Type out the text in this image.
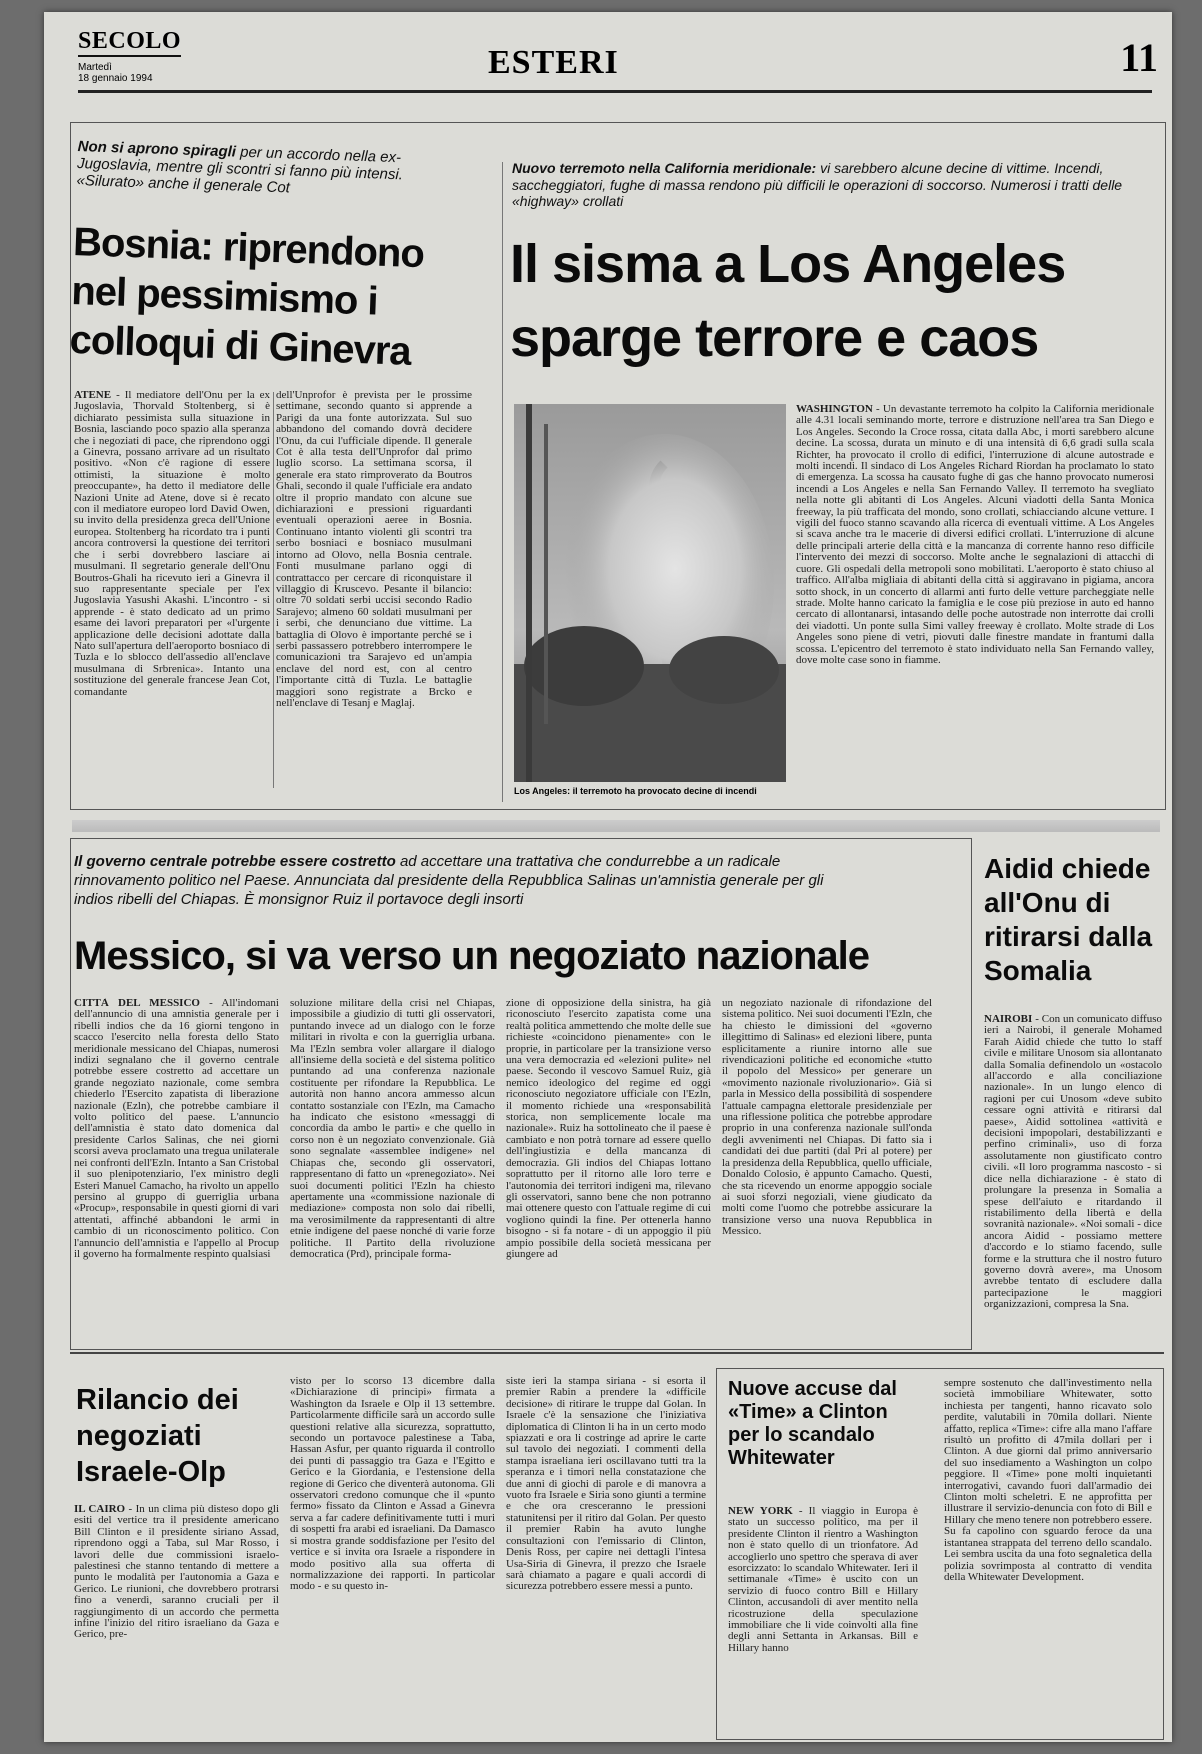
SECOLO
Martedì
18 gennaio 1994	ESTERI	11
Non si aprono spiragli per un accordo nella ex-Jugoslavia, mentre gli scontri si fanno più intensi. «Silurato» anche il generale Cot
Bosnia: riprendono nel pessimismo i colloqui di Ginevra
ATENE - Il mediatore dell'Onu per la ex Jugoslavia, Thorvald Stoltenberg, si è dichiarato pessimista sulla situazione in Bosnia, lasciando poco spazio alla speranza che i negoziati di pace, che riprendono oggi a Ginevra, possano arrivare ad un risultato positivo. «Non c'è ragione di essere ottimisti, la situazione è molto preoccupante», ha detto il mediatore delle Nazioni Unite ad Atene, dove si è recato con il mediatore europeo lord David Owen, su invito della presidenza greca dell'Unione europea. Stoltenberg ha ricordato tra i punti ancora controversi la questione dei territori che i serbi dovrebbero lasciare ai musulmani. Il segretario generale dell'Onu Boutros-Ghali ha ricevuto ieri a Ginevra il suo rappresentante speciale per l'ex Jugoslavia Yasushi Akashi. L'incontro - si apprende - è stato dedicato ad un primo esame dei lavori preparatori per «l'urgente applicazione delle decisioni adottate dalla Nato sull'apertura dell'aeroporto bosniaco di Tuzla e lo sblocco dell'assedio all'enclave musulmana di Srbrenica». Intanto una sostituzione del generale francese Jean Cot, comandante
dell'Unprofor è prevista per le prossime settimane, secondo quanto si apprende a Parigi da una fonte autorizzata. Sul suo abbandono del comando dovrà decidere l'Onu, da cui l'ufficiale dipende. Il generale Cot è alla testa dell'Unprofor dal primo luglio scorso. La settimana scorsa, il generale era stato rimproverato da Boutros Ghali, secondo il quale l'ufficiale era andato oltre il proprio mandato con alcune sue dichiarazioni e pressioni riguardanti eventuali operazioni aeree in Bosnia. Continuano intanto violenti gli scontri tra serbo bosniaci e bosniaco musulmani intorno ad Olovo, nella Bosnia centrale. Fonti musulmane parlano oggi di contrattacco per cercare di riconquistare il villaggio di Kruscevo. Pesante il bilancio: oltre 70 soldati serbi uccisi secondo Radio Sarajevo; almeno 60 soldati musulmani per i serbi, che denunciano due vittime. La battaglia di Olovo è importante perché se i serbi passassero potrebbero interrompere le comunicazioni tra Sarajevo ed un'ampia enclave del nord est, con al centro l'importante città di Tuzla. Le battaglie maggiori sono registrate a Brcko e nell'enclave di Tesanj e Maglaj.
Nuovo terremoto nella California meridionale: vi sarebbero alcune decine di vittime. Incendi, saccheggiatori, fughe di massa rendono più difficili le operazioni di soccorso. Numerosi i tratti delle «highway» crollati
Il sisma a Los Angeles
sparge terrore e caos
Los Angeles: il terremoto ha provocato decine di incendi
WASHINGTON - Un devastante terremoto ha colpito la California meridionale alle 4.31 locali seminando morte, terrore e distruzione nell'area tra San Diego e Los Angeles. Secondo la Croce rossa, citata dalla Abc, i morti sarebbero alcune decine. La scossa, durata un minuto e di una intensità di 6,6 gradi sulla scala Richter, ha provocato il crollo di edifici, l'interruzione di alcune autostrade e molti incendi. Il sindaco di Los Angeles Richard Riordan ha proclamato lo stato di emergenza. La scossa ha causato fughe di gas che hanno provocato numerosi incendi a Los Angeles e nella San Fernando Valley. Il terremoto ha svegliato nella notte gli abitanti di Los Angeles. Alcuni viadotti della Santa Monica freeway, la più trafficata del mondo, sono crollati, schiacciando alcune vetture. I vigili del fuoco stanno scavando alla ricerca di eventuali vittime. A Los Angeles si scava anche tra le macerie di diversi edifici crollati. L'interruzione di alcune delle principali arterie della città e la mancanza di corrente hanno reso difficile l'intervento dei mezzi di soccorso. Molte anche le segnalazioni di attacchi di cuore. Gli ospedali della metropoli sono mobilitati. L'aeroporto è stato chiuso al traffico. All'alba migliaia di abitanti della città si aggiravano in pigiama, ancora sotto shock, in un concerto di allarmi anti furto delle vetture parcheggiate nelle strade. Molte hanno caricato la famiglia e le cose più preziose in auto ed hanno cercato di allontanarsi, intasando delle poche autostrade non interrotte dai crolli dei viadotti. Un ponte sulla Simi valley freeway è crollato. Molte strade di Los Angeles sono piene di vetri, piovuti dalle finestre mandate in frantumi dalla scossa. L'epicentro del terremoto è stato individuato nella San Fernando valley, dove molte case sono in fiamme.
Il governo centrale potrebbe essere costretto ad accettare una trattativa che condurrebbe a un radicale rinnovamento politico nel Paese. Annunciata dal presidente della Repubblica Salinas un'amnistia generale per gli indios ribelli del Chiapas. È monsignor Ruiz il portavoce degli insorti
Messico, si va verso un negoziato nazionale
CITTÀ DEL MESSICO - All'indomani dell'annuncio di una amnistia generale per i ribelli indios che da 16 giorni tengono in scacco l'esercito nella foresta dello Stato meridionale messicano del Chiapas, numerosi indizi segnalano che il governo centrale potrebbe essere costretto ad accettare un grande negoziato nazionale, come sembra chiederlo l'Esercito zapatista di liberazione nazionale (Ezln), che potrebbe cambiare il volto politico del paese. L'annuncio dell'amnistia è stato dato domenica dal presidente Carlos Salinas, che nei giorni scorsi aveva proclamato una tregua unilaterale nei confronti dell'Ezln. Intanto a San Cristobal il suo plenipotenziario, l'ex ministro degli Esteri Manuel Camacho, ha rivolto un appello persino al gruppo di guerriglia urbana «Procup», responsabile in questi giorni di vari attentati, affinché abbandoni le armi in cambio di un riconoscimento politico. Con l'annuncio dell'amnistia e l'appello al Procup il governo ha formalmente respinto qualsiasi
soluzione militare della crisi nel Chiapas, impossibile a giudizio di tutti gli osservatori, puntando invece ad un dialogo con le forze militari in rivolta e con la guerriglia urbana. Ma l'Ezln sembra voler allargare il dialogo all'insieme della società e del sistema politico puntando ad una conferenza nazionale costituente per rifondare la Repubblica. Le autorità non hanno ancora ammesso alcun contatto sostanziale con l'Ezln, ma Camacho ha indicato che esistono «messaggi di concordia da ambo le parti» e che quello in corso non è un negoziato convenzionale. Già sono segnalate «assemblee indigene» nel Chiapas che, secondo gli osservatori, rappresentano di fatto un «prenegoziato». Nei suoi documenti politici l'Ezln ha chiesto apertamente una «commissione nazionale di mediazione» composta non solo dai ribelli, ma verosimilmente da rappresentanti di altre etnie indigene del paese nonché di varie forze politiche. Il Partito della rivoluzione democratica (Prd), principale forma-
zione di opposizione della sinistra, ha già riconosciuto l'esercito zapatista come una realtà politica ammettendo che molte delle sue richieste «coincidono pienamente» con le proprie, in particolare per la transizione verso una vera democrazia ed «elezioni pulite» nel paese. Secondo il vescovo Samuel Ruiz, già nemico ideologico del regime ed oggi riconosciuto negoziatore ufficiale con l'Ezln, il momento richiede una «responsabilità storica, non semplicemente locale ma nazionale». Ruiz ha sottolineato che il paese è cambiato e non potrà tornare ad essere quello dell'ingiustizia e della mancanza di democrazia. Gli indios del Chiapas lottano soprattutto per il ritorno alle loro terre e l'autonomia dei territori indigeni ma, rilevano gli osservatori, sanno bene che non potranno mai ottenere questo con l'attuale regime di cui vogliono quindi la fine. Per ottenerla hanno bisogno - si fa notare - di un appoggio il più ampio possibile della società messicana per giungere ad
un negoziato nazionale di rifondazione del sistema politico. Nei suoi documenti l'Ezln, che ha chiesto le dimissioni del «governo illegittimo di Salinas» ed elezioni libere, punta esplicitamente a riunire intorno alle sue rivendicazioni politiche ed economiche «tutto il popolo del Messico» per generare un «movimento nazionale rivoluzionario». Già si parla in Messico della possibilità di sospendere l'attuale campagna elettorale presidenziale per una riflessione politica che potrebbe approdare proprio in una conferenza nazionale sull'onda degli avvenimenti nel Chiapas. Di fatto sia i candidati dei due partiti (dal Pri al potere) per la presidenza della Repubblica, quello ufficiale, Donaldo Colosio, è appunto Camacho. Questi, che sta ricevendo un enorme appoggio sociale ai suoi sforzi negoziali, viene giudicato da molti come l'uomo che potrebbe assicurare la transizione verso una nuova Repubblica in Messico.
Aidid chiede all'Onu di ritirarsi dalla Somalia
NAIROBI - Con un comunicato diffuso ieri a Nairobi, il generale Mohamed Farah Aidid chiede che tutto lo staff civile e militare Unosom sia allontanato dalla Somalia definendolo un «ostacolo all'accordo e alla conciliazione nazionale». In un lungo elenco di ragioni per cui Unosom «deve subito cessare ogni attività e ritirarsi dal paese», Aidid sottolinea «attività e decisioni impopolari, destabilizzanti e perfino criminali», uso di forza assolutamente non giustificato contro civili. «Il loro programma nascosto - si dice nella dichiarazione - è stato di prolungare la presenza in Somalia a spese dell'aiuto e ritardando il ristabilimento della libertà e della sovranità nazionale». «Noi somali - dice ancora Aidid - possiamo mettere d'accordo e lo stiamo facendo, sulle forme e la struttura che il nostro futuro governo dovrà avere», ma Unosom avrebbe tentato di escludere dalla partecipazione le maggiori organizzazioni, compresa la Sna.
Rilancio dei negoziati Israele-Olp
IL CAIRO - In un clima più disteso dopo gli esiti del vertice tra il presidente americano Bill Clinton e il presidente siriano Assad, riprendono oggi a Taba, sul Mar Rosso, i lavori delle due commissioni israelo-palestinesi che stanno tentando di mettere a punto le modalità per l'autonomia a Gaza e Gerico. Le riunioni, che dovrebbero protrarsi fino a venerdì, saranno cruciali per il raggiungimento di un accordo che permetta infine l'inizio del ritiro israeliano da Gaza e Gerico, pre-
visto per lo scorso 13 dicembre dalla «Dichiarazione di principi» firmata a Washington da Israele e Olp il 13 settembre. Particolarmente difficile sarà un accordo sulle questioni relative alla sicurezza, soprattutto, secondo un portavoce palestinese a Taba, Hassan Asfur, per quanto riguarda il controllo dei punti di passaggio tra Gaza e l'Egitto e Gerico e la Giordania, e l'estensione della regione di Gerico che diventerà autonoma. Gli osservatori credono comunque che il «punto fermo» fissato da Clinton e Assad a Ginevra serva a far cadere definitivamente tutti i muri di sospetti fra arabi ed israeliani. Da Damasco si mostra grande soddisfazione per l'esito del vertice e si invita ora Israele a rispondere in modo positivo alla sua offerta di normalizzazione dei rapporti. In particolar modo - e su questo in-
siste ieri la stampa siriana - si esorta il premier Rabin a prendere la «difficile decisione» di ritirare le truppe dal Golan. In Israele c'è la sensazione che l'iniziativa diplomatica di Clinton li ha in un certo modo spiazzati e ora li costringe ad aprire le carte sul tavolo dei negoziati. I commenti della stampa israeliana ieri oscillavano tutti tra la speranza e i timori nella constatazione che due anni di giochi di parole e di manovra a vuoto fra Israele e Siria sono giunti a termine e che ora cresceranno le pressioni statunitensi per il ritiro dal Golan. Per questo il premier Rabin ha avuto lunghe consultazioni con l'emissario di Clinton, Denis Ross, per capire nei dettagli l'intesa Usa-Siria di Ginevra, il prezzo che Israele sarà chiamato a pagare e quali accordi di sicurezza potrebbero essere messi a punto.
Nuove accuse dal «Time» a Clinton per lo scandalo Whitewater
NEW YORK - Il viaggio in Europa è stato un successo politico, ma per il presidente Clinton il rientro a Washington non è stato quello di un trionfatore. Ad accoglierlo uno spettro che sperava di aver esorcizzato: lo scandalo Whitewater. Ieri il settimanale «Time» è uscito con un servizio di fuoco contro Bill e Hillary Clinton, accusandoli di aver mentito nella ricostruzione della speculazione immobiliare che li vide coinvolti alla fine degli anni Settanta in Arkansas. Bill e Hillary hanno
sempre sostenuto che dall'investimento nella società immobiliare Whitewater, sotto inchiesta per tangenti, hanno ricavato solo perdite, valutabili in 70mila dollari. Niente affatto, replica «Time»: cifre alla mano l'affare risultò un profitto di 47mila dollari per i Clinton. A due giorni dal primo anniversario del suo insediamento a Washington un colpo peggiore. Il «Time» pone molti inquietanti interrogativi, cavando fuori dall'armadio dei Clinton molti scheletri. E ne approfitta per illustrare il servizio-denuncia con foto di Bill e Hillary che meno tenere non potrebbero essere. Su fa capolino con sguardo feroce da una istantanea strappata del terreno dello scandalo. Lei sembra uscita da una foto segnaletica della polizia sovrimposta al contratto di vendita della Whitewater Development.
